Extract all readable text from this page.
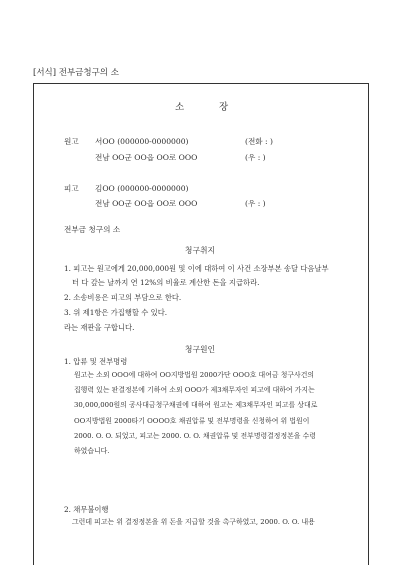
[서식] 전부금청구의 소
소	장
원고 서OO (000000-0000000)	(전화 : )
전남 OO군 OO읍 OO로 OOO	(우 : )
피고 김OO (000000-0000000)
전남 OO군 OO읍 OO로 OOO	(우 : )
전부금 청구의 소
청구취지
1. 피고는 원고에게 20,000,000원 및 이에 대하여 이 사건 소장부본 송달 다음날부
터 다 갚는 날까지 연 12%의 비율로 계산한 돈을 지급하라.
2. 소송비용은 피고의 부담으로 한다.
3. 위 제1항은 가집행할 수 있다.
라는 재판을 구합니다.
청구원인
1. 압류 및 전부명령
원고는 소외 OOO에 대하여 OO지방법원 2000가단 OOO호 대여금 청구사건의
집행력 있는 판결정본에 기하여 소외 OOO가 제3채무자인 피고에 대하여 가지는
30,000,000원의 공사대금청구채권에 대하여 원고는 제3채무자인 피고를 상대로
OO지방법원 2000타기 OOOO호 채권압류 및 전부명령을 신청하여 위 법원이
2000. O. O. 되었고, 피고는 2000. O. O. 채권압류 및 전부명령결정정본을 수령
하였습니다.
2. 채무불이행
그런데 피고는 위 결정정본을 위 돈을 지급할 것을 촉구하였고, 2000. O. O. 내용
